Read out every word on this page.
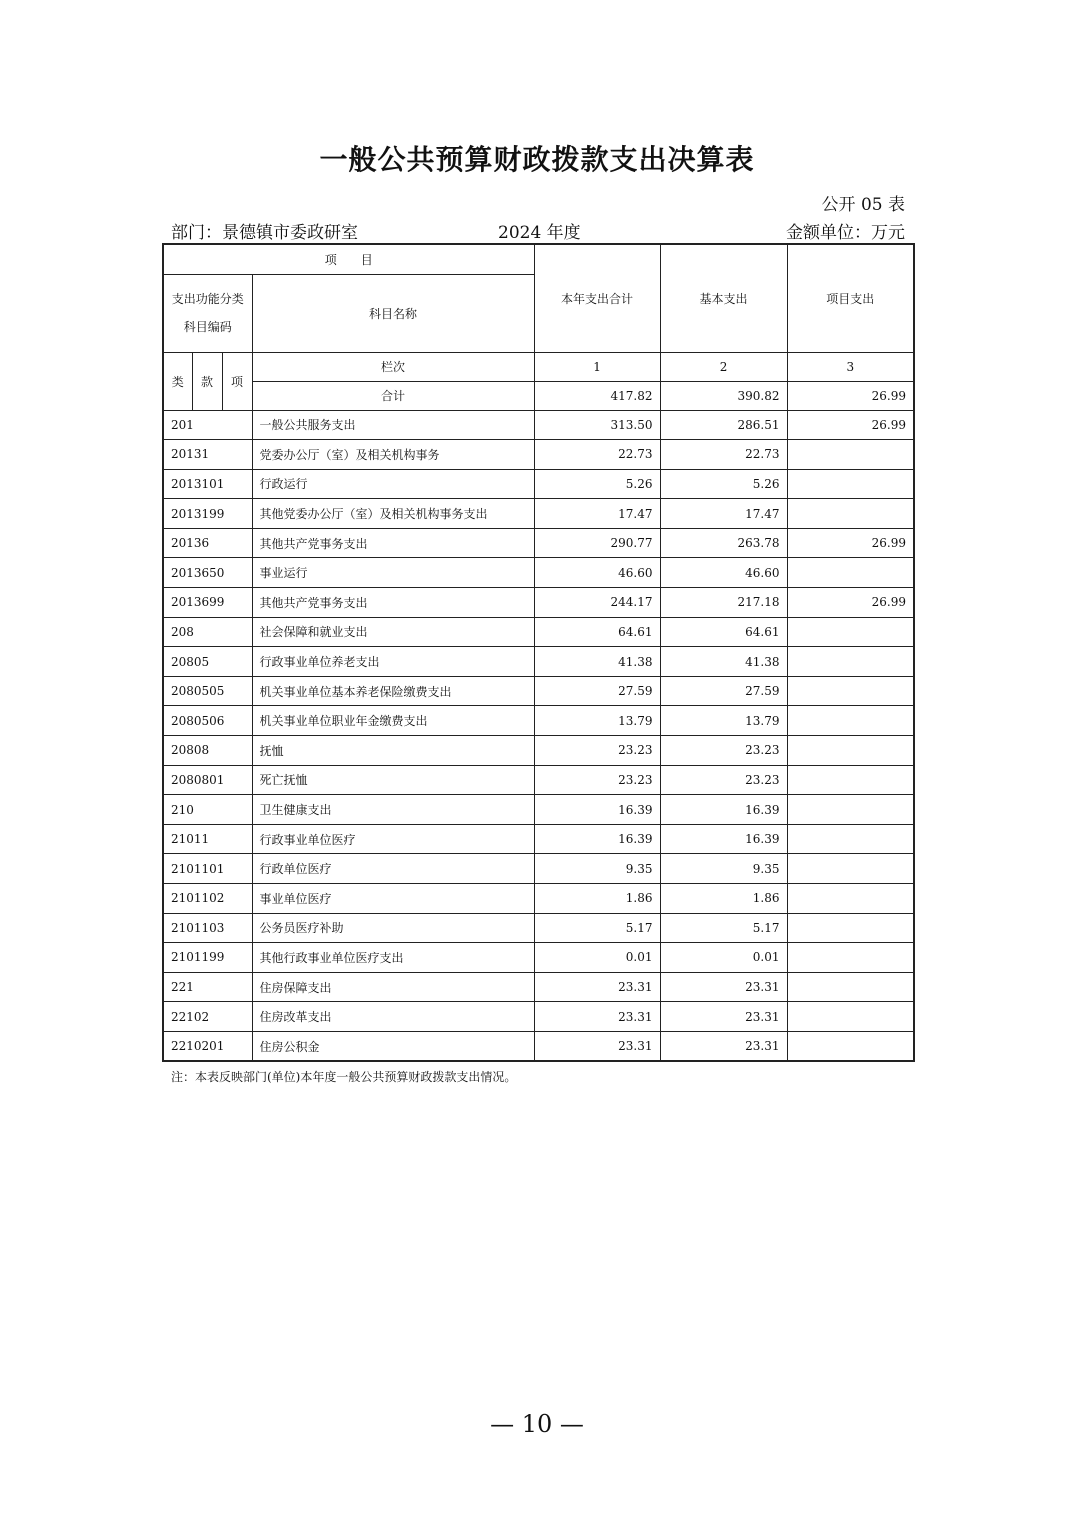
一般公共预算财政拨款支出决算表
公开 05 表
部门：景德镇市委政研室	2024 年度	金额单位：万元
项　　目				本年支出合计	基本支出	项目支出

支出功能分类
科目编码			科目名称			

类	款	项	栏次	1	2	3
			合计	417.82	390.82	26.99
201			一般公共服务支出	313.50	286.51	26.99
20131			党委办公厅（室）及相关机构事务	22.73	22.73	
2013101			行政运行	5.26	5.26	
2013199			其他党委办公厅（室）及相关机构事务支出	17.47	17.47	
20136			其他共产党事务支出	290.77	263.78	26.99
2013650			事业运行	46.60	46.60	
2013699			其他共产党事务支出	244.17	217.18	26.99
208			社会保障和就业支出	64.61	64.61	
20805			行政事业单位养老支出	41.38	41.38	
2080505			机关事业单位基本养老保险缴费支出	27.59	27.59	
2080506			机关事业单位职业年金缴费支出	13.79	13.79	
20808			抚恤	23.23	23.23	
2080801			死亡抚恤	23.23	23.23	
210			卫生健康支出	16.39	16.39	
21011			行政事业单位医疗	16.39	16.39	
2101101			行政单位医疗	9.35	9.35	
2101102			事业单位医疗	1.86	1.86	
2101103			公务员医疗补助	5.17	5.17	
2101199			其他行政事业单位医疗支出	0.01	0.01	
221			住房保障支出	23.31	23.31	
22102			住房改革支出	23.31	23.31	
2210201			住房公积金	23.31	23.31	
注：本表反映部门(单位)本年度一般公共预算财政拨款支出情况。
— 10 —
